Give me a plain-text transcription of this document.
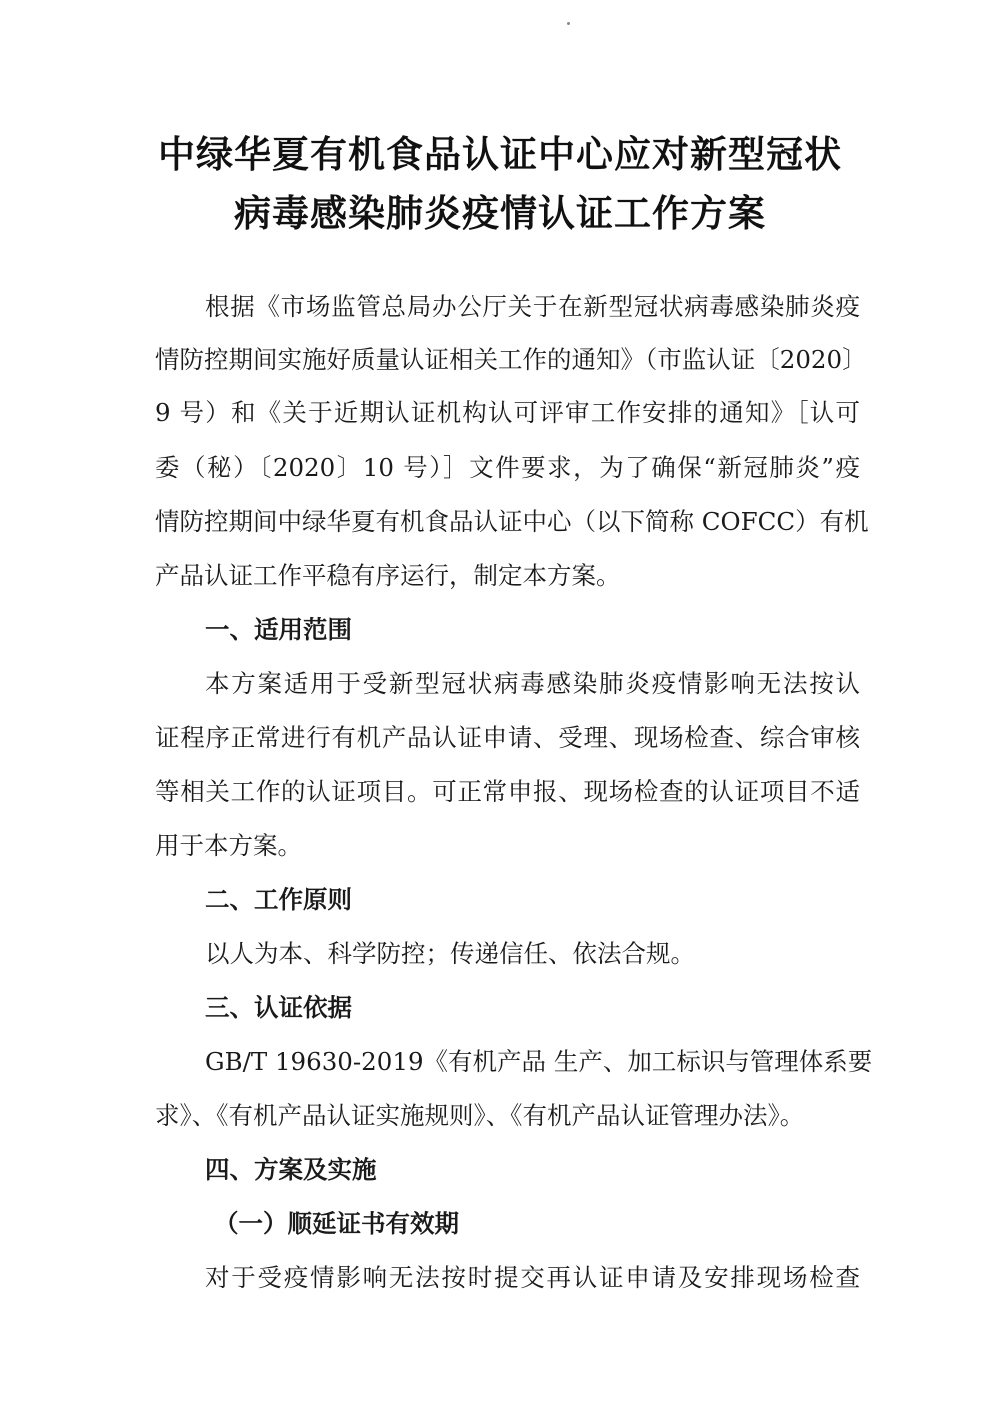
中绿华夏有机食品认证中心应对新型冠状
病毒感染肺炎疫情认证工作方案
根据《市场监管总局办公厅关于在新型冠状病毒感染肺炎疫
情防控期间实施好质量认证相关工作的通知》（市监认证〔2020〕
9 号）和《关于近期认证机构认可评审工作安排的通知》［认可
委（秘）〔2020〕10 号）］文件要求，为了确保“新冠肺炎”疫
情防控期间中绿华夏有机食品认证中心（以下简称 COFCC）有机
产品认证工作平稳有序运行，制定本方案。
一、适用范围
本方案适用于受新型冠状病毒感染肺炎疫情影响无法按认
证程序正常进行有机产品认证申请、受理、现场检查、综合审核
等相关工作的认证项目。可正常申报、现场检查的认证项目不适
用于本方案。
二、工作原则
以人为本、科学防控；传递信任、依法合规。
三、认证依据
GB/T 19630-2019《有机产品 生产、加工标识与管理体系要
求》、《有机产品认证实施规则》、《有机产品认证管理办法》。
四、方案及实施
（一）顺延证书有效期
对于受疫情影响无法按时提交再认证申请及安排现场检查
